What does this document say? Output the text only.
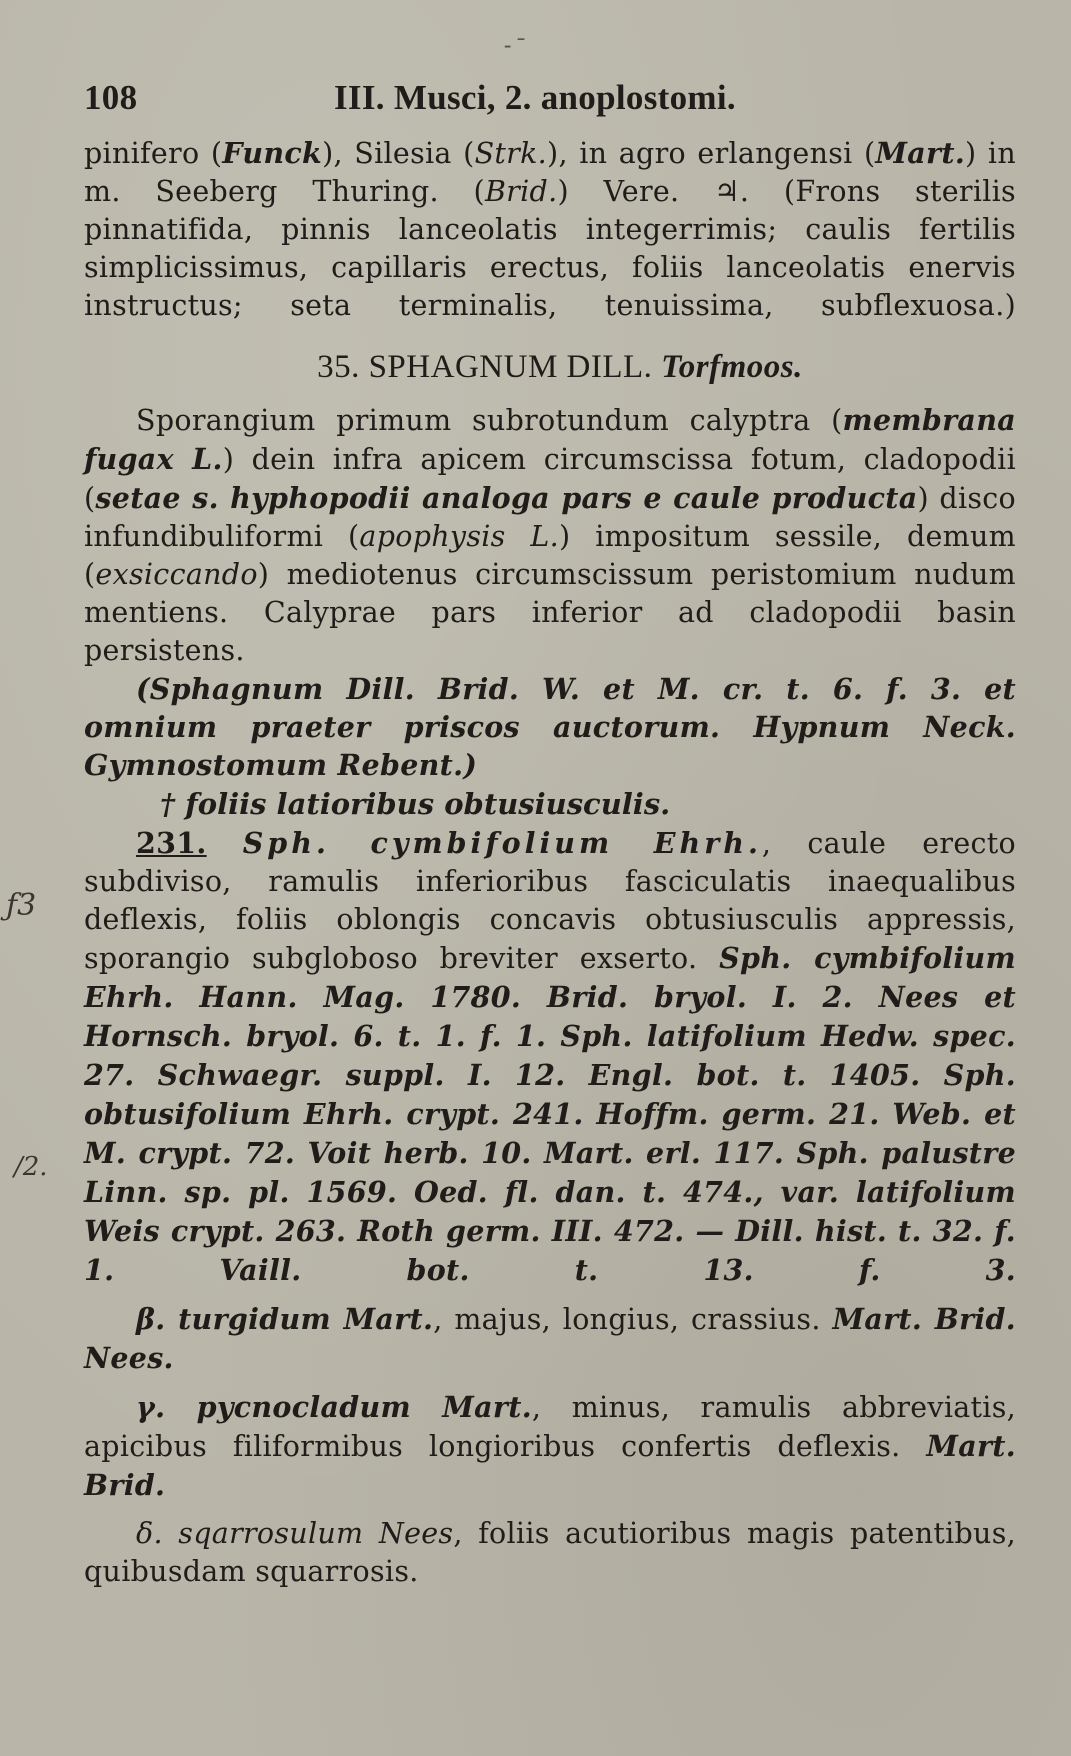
- ˉ
108	III. Musci, 2. anoplostomi.

pinifero (Funck), Silesia (Strk.), in agro erlangensi (Mart.) in m. Seeberg Thuring. (Brid.) Vere. ♃. (Frons sterilis pinnatifida, pinnis lanceolatis integerrimis; caulis fertilis simplicissimus, capillaris erectus, foliis lanceolatis enervis instructus; seta terminalis, tenuissima, subflexuosa.)

35. SPHAGNUM DILL. Torfmoos.

Sporangium primum subrotundum calyptra (membrana fugax L.) dein infra apicem circumscissa fotum, cladopodii (setae s. hyphopodii analoga pars e caule producta) disco infundibuliformi (apophysis L.) impositum sessile, demum (exsiccando) mediotenus circumscissum peristomium nudum mentiens. Calyprae pars inferior ad cladopodii basin persistens.

(Sphagnum Dill. Brid. W. et M. cr. t. 6. f. 3. et omnium praeter priscos auctorum. Hypnum Neck. Gymnostomum Rebent.)

† foliis latioribus obtusiusculis.

231. Sph. cymbifolium Ehrh., caule erecto subdiviso, ramulis inferioribus fasciculatis inaequalibus deflexis, foliis oblongis concavis obtusiusculis appressis, sporangio subgloboso breviter exserto. Sph. cymbifolium Ehrh. Hann. Mag. 1780. Brid. bryol. I. 2. Nees et Hornsch. bryol. 6. t. 1. f. 1. Sph. latifolium Hedw. spec. 27. Schwaegr. suppl. I. 12. Engl. bot. t. 1405. Sph. obtusifolium Ehrh. crypt. 241. Hoffm. germ. 21. Web. et M. crypt. 72. Voit herb. 10. Mart. erl. 117. Sph. palustre Linn. sp. pl. 1569. Oed. fl. dan. t. 474., var. latifolium Weis crypt. 263. Roth germ. III. 472. — Dill. hist. t. 32. f. 1. Vaill. bot. t. 13. f. 3.

β. turgidum Mart., majus, longius, crassius. Mart. Brid. Nees.

γ. pycnocladum Mart., minus, ramulis abbreviatis, apicibus filiformibus longioribus confertis deflexis. Mart. Brid.

δ. sqarrosulum Nees, foliis acutioribus magis patentibus, quibusdam squarrosis.

ƒ3
/2.
